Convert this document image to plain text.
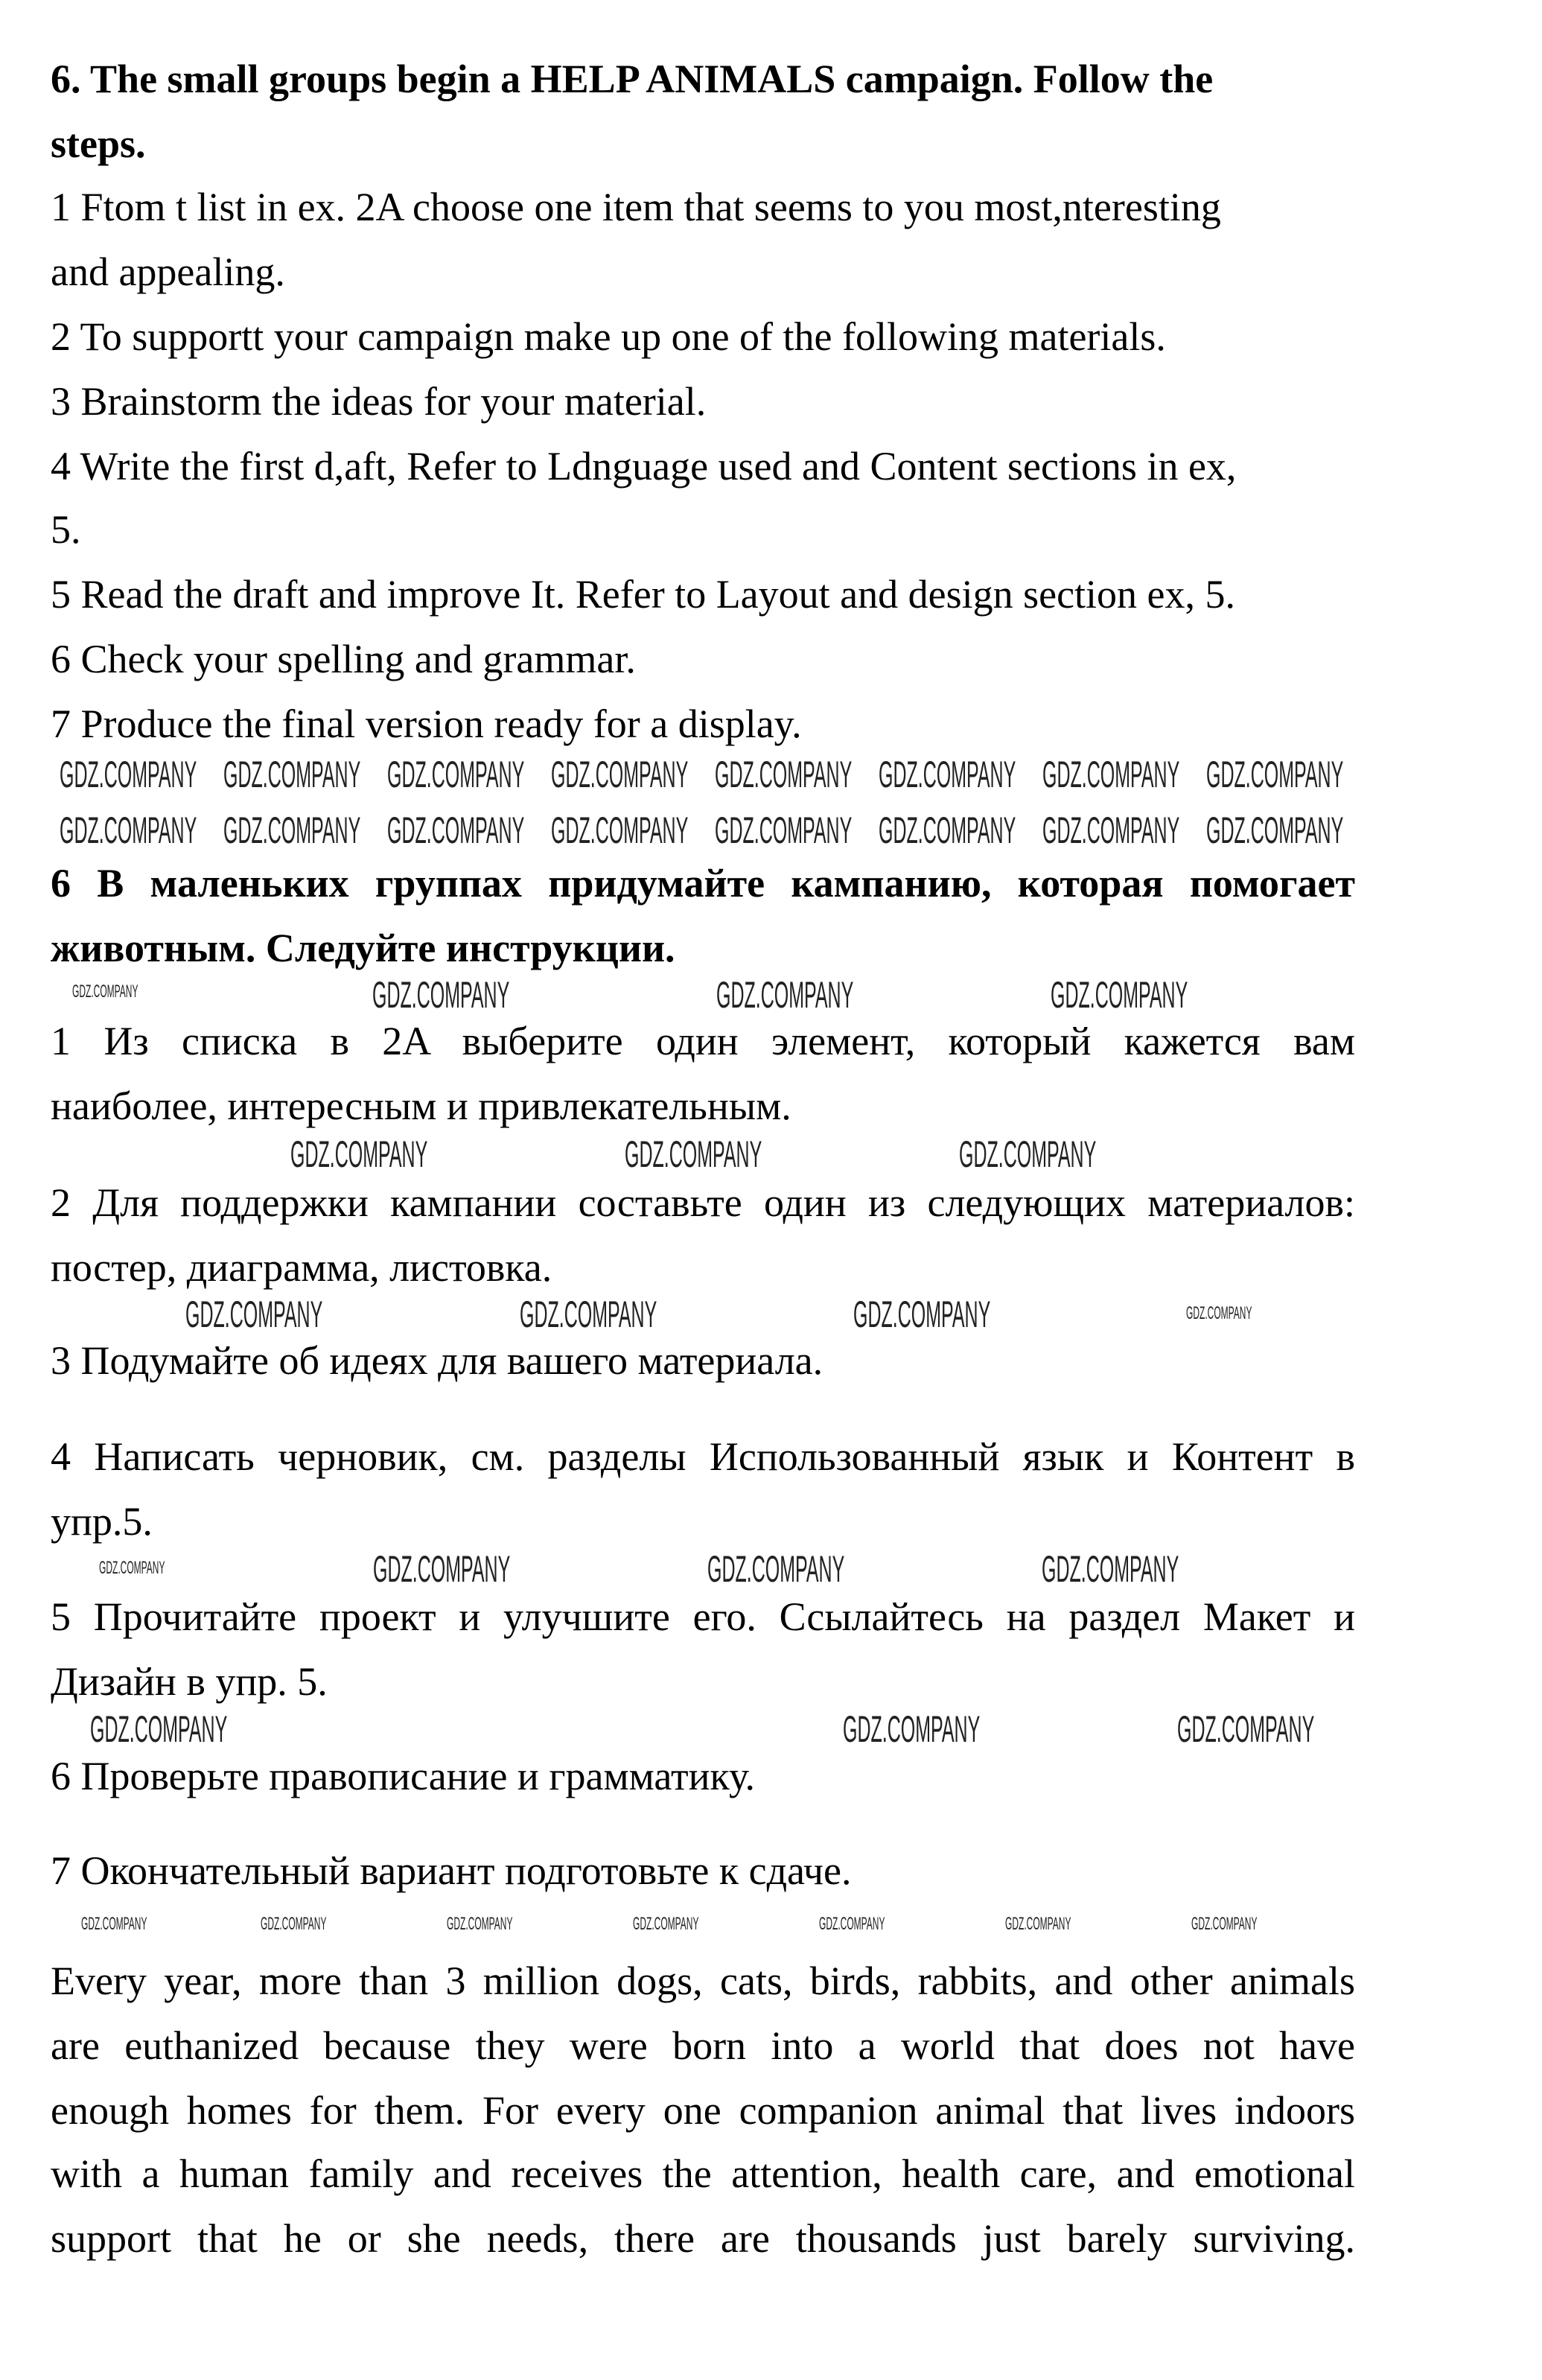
6. The small groups begin a HELP ANIMALS campaign. Follow the
steps.
1 Ftom t list in ex. 2A choose one item that seems to you most,nteresting
and appealing.
2 To supportt your campaign make up one of the following materials.
3 Brainstorm the ideas for your material.
4 Write the first d,aft, Refer to Ldnguage used and Content sections in ex,
5.
5 Read the draft and improve It. Refer to Layout and design section ex, 5.
6 Check your spelling and grammar.
7 Produce the final version ready for a display.
6 В маленьких группах придумайте кампанию, которая помогает
животным. Следуйте инструкции.
1 Из списка в 2A выберите один элемент, который кажется вам
наиболее, интересным и привлекательным.
2 Для поддержки кампании составьте один из следующих материалов:
постер, диаграмма, листовка.
3 Подумайте об идеях для вашего материала.
4 Написать черновик, см. разделы Использованный язык и Контент в
упр.5.
5 Прочитайте проект и улучшите его. Ссылайтесь на раздел Макет и
Дизайн в упр. 5.
6 Проверьте правописание и грамматику.
7 Окончательный вариант подготовьте к сдаче.
Every year, more than 3 million dogs, cats, birds, rabbits, and other animals
are euthanized because they were born into a world that does not have
enough homes for them. For every one companion animal that lives indoors
with a human family and receives the attention, health care, and emotional
support that he or she needs, there are thousands just barely surviving.
GDZ.COMPANY GDZ.COMPANY GDZ.COMPANY GDZ.COMPANY GDZ.COMPANY GDZ.COMPANY GDZ.COMPANY GDZ.COMPANY
GDZ.COMPANY GDZ.COMPANY GDZ.COMPANY GDZ.COMPANY GDZ.COMPANY GDZ.COMPANY GDZ.COMPANY GDZ.COMPANY
GDZ.COMPANY	GDZ.COMPANY	GDZ.COMPANY	GDZ.COMPANY
GDZ.COMPANY	GDZ.COMPANY	GDZ.COMPANY
GDZ.COMPANY	GDZ.COMPANY	GDZ.COMPANY	GDZ.COMPANY
GDZ.COMPANY	GDZ.COMPANY	GDZ.COMPANY	GDZ.COMPANY
GDZ.COMPANY	GDZ.COMPANY	GDZ.COMPANY
GDZ.COMPANY	GDZ.COMPANY	GDZ.COMPANY	GDZ.COMPANY	GDZ.COMPANY	GDZ.COMPANY	GDZ.COMPANY
